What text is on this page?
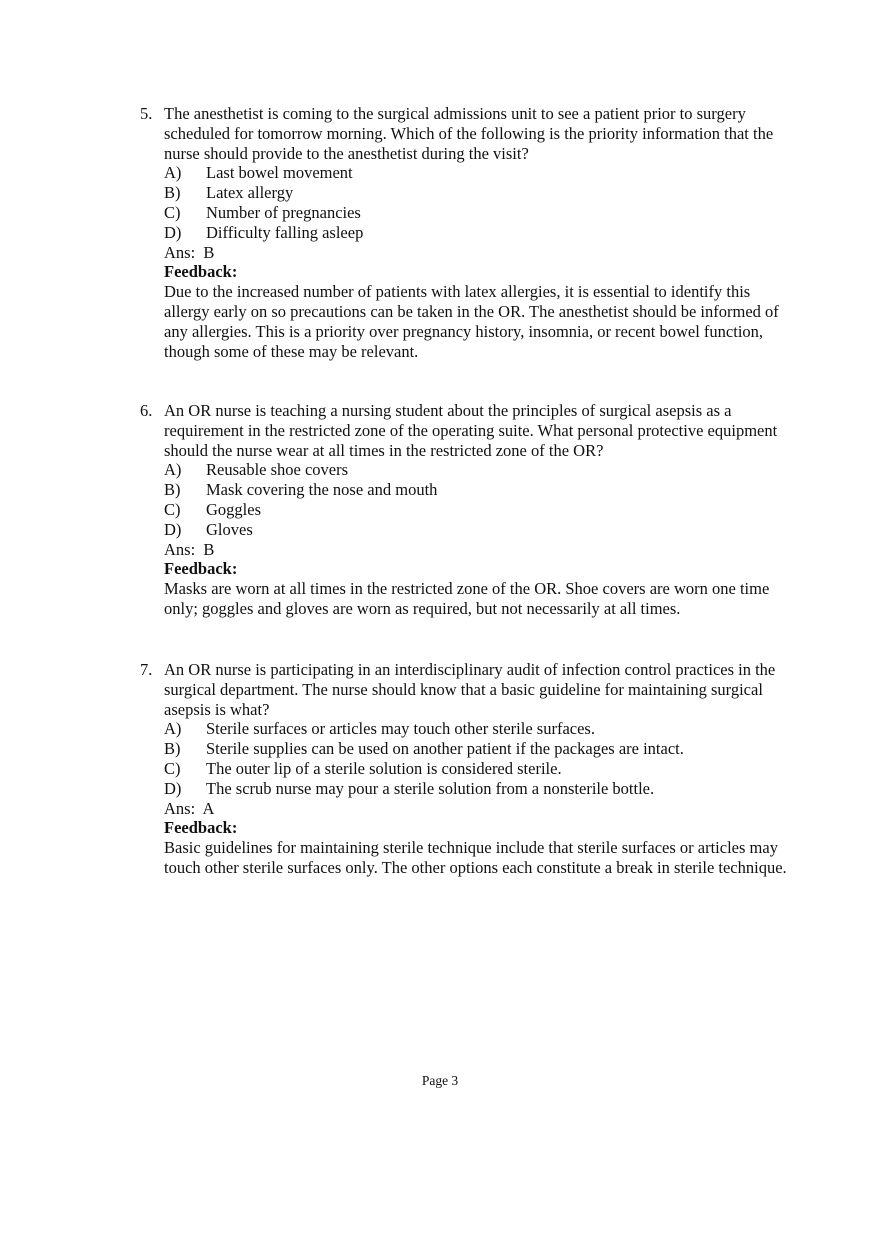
5. The anesthetist is coming to the surgical admissions unit to see a patient prior to surgery scheduled for tomorrow morning. Which of the following is the priority information that the nurse should provide to the anesthetist during the visit?
A) Last bowel movement
B) Latex allergy
C) Number of pregnancies
D) Difficulty falling asleep
Ans: B
Feedback:
Due to the increased number of patients with latex allergies, it is essential to identify this allergy early on so precautions can be taken in the OR. The anesthetist should be informed of any allergies. This is a priority over pregnancy history, insomnia, or recent bowel function, though some of these may be relevant.
6. An OR nurse is teaching a nursing student about the principles of surgical asepsis as a requirement in the restricted zone of the operating suite. What personal protective equipment should the nurse wear at all times in the restricted zone of the OR?
A) Reusable shoe covers
B) Mask covering the nose and mouth
C) Goggles
D) Gloves
Ans: B
Feedback:
Masks are worn at all times in the restricted zone of the OR. Shoe covers are worn one time only; goggles and gloves are worn as required, but not necessarily at all times.
7. An OR nurse is participating in an interdisciplinary audit of infection control practices in the surgical department. The nurse should know that a basic guideline for maintaining surgical asepsis is what?
A) Sterile surfaces or articles may touch other sterile surfaces.
B) Sterile supplies can be used on another patient if the packages are intact.
C) The outer lip of a sterile solution is considered sterile.
D) The scrub nurse may pour a sterile solution from a nonsterile bottle.
Ans: A
Feedback:
Basic guidelines for maintaining sterile technique include that sterile surfaces or articles may touch other sterile surfaces only. The other options each constitute a break in sterile technique.
Page 3
